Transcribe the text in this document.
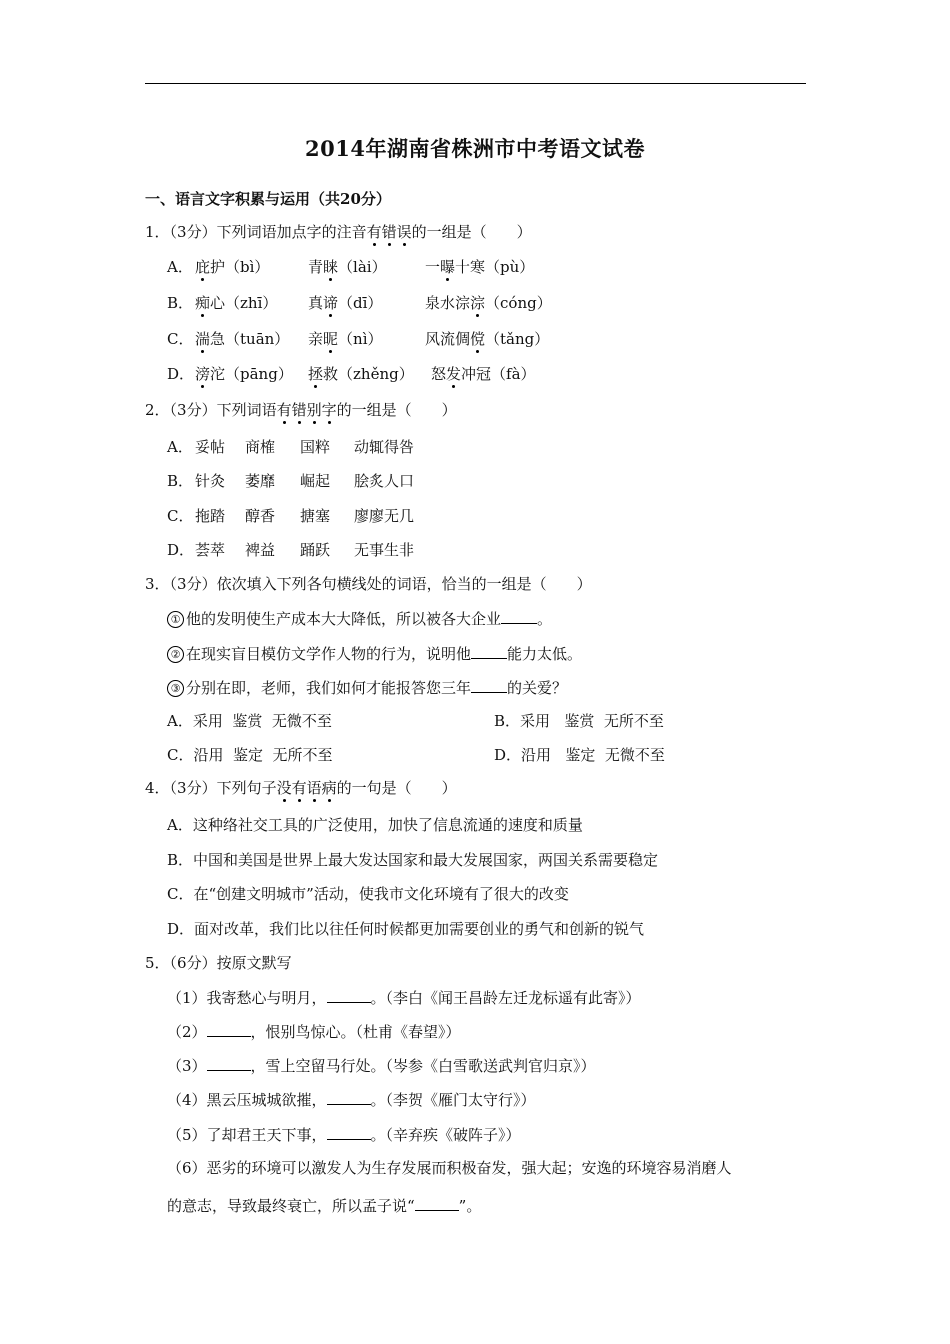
2014年湖南省株洲市中考语文试卷
一、语言文字积累与运用（共20分）
1．（3分）下列词语加点字的注音有错误的一组是（　　）
A． 庇护（bì）	青睐（lài）	一曝十寒（pù）
B． 痴心（zhī） 真谛（dī）	泉水淙淙（cóng）
C． 湍急（tuān） 亲昵（nì）	风流倜傥（tǎng）
D． 滂沱（pāng） 拯救（zhěng） 怒发冲冠（fà）
2．（3分）下列词语有错别字的一组是（　　）
A． 妥帖 商榷 国粹 动辄得咎
B． 针灸 萎靡 崛起 脍炙人口
C． 拖踏 醇香 搪塞 廖廖无几
D． 荟萃 裨益 踊跃 无事生非
3．（3分）依次填入下列各句横线处的词语，恰当的一组是（　　）
① 他的发明使生产成本大大降低，所以被各大企业 。
② 在现实盲目模仿文学作人物的行为，说明他 能力太低。
③ 分别在即，老师，我们如何才能报答您三年 的关爱？
A．采用  鉴赏  无微不至	B．采用   鉴赏  无所不至
C．沿用  鉴定  无所不至	D．沿用   鉴定  无微不至
4．（3分）下列句子没有语病的一句是（　　）
A．这种络社交工具的广泛使用，加快了信息流通的速度和质量
B．中国和美国是世界上最大发达国家和最大发展国家，两国关系需要稳定
C．在“创建文明城市”活动，使我市文化环境有了很大的改变
D．面对改革，我们比以往任何时候都更加需要创业的勇气和创新的锐气
5．（6分）按原文默写
（1）我寄愁心与明月，	。（李白《闻王昌龄左迁龙标遥有此寄》）
（2）	，恨别鸟惊心。（杜甫《春望》）
（3）	，雪上空留马行处。（岑参《白雪歌送武判官归京》）
（4）黑云压城城欲摧，	。（李贺《雁门太守行》）
（5）了却君王天下事，	。（辛弃疾《破阵子》）
（6）恶劣的环境可以激发人为生存发展而积极奋发，强大起；安逸的环境容易消磨人
的意志，导致最终衰亡，所以孟子说“	”。
